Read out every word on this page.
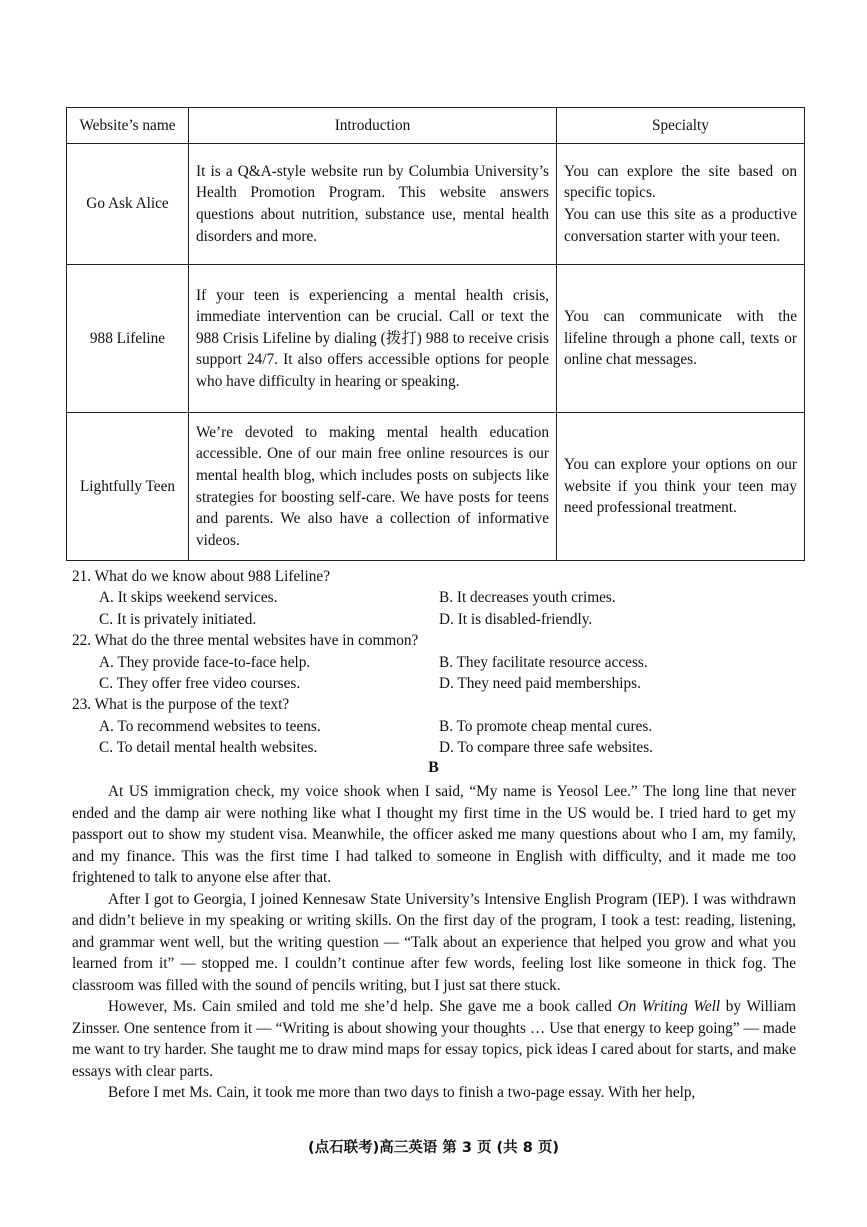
Website’s name	Introduction	Specialty
Go Ask Alice	It is a Q&A-style website run by Columbia University’s Health Promotion Program. This website answers questions about nutrition, substance use, mental health disorders and more.	You can explore the site based on specific topics.
You can use this site as a productive conversation starter with your teen.

988 Lifeline	If your teen is experiencing a mental health crisis, immediate intervention can be crucial. Call or text the 988 Crisis Lifeline by dialing (拨打) 988 to receive crisis support 24/7. It also offers accessible options for people who have difficulty in hearing or speaking.	You can communicate with the lifeline through a phone call, texts or online chat messages.

Lightfully Teen	We’re devoted to making mental health education accessible. One of our main free online resources is our mental health blog, which includes posts on subjects like strategies for boosting self-care. We have posts for teens and parents. We also have a collection of informative videos.	You can explore your options on our website if you think your teen may need professional treatment.
21. What do we know about 988 Lifeline?
A. It skips weekend services.	B. It decreases youth crimes.
C. It is privately initiated.	D. It is disabled-friendly.
22. What do the three mental websites have in common?
A. They provide face-to-face help.	B. They facilitate resource access.
C. They offer free video courses.	D. They need paid memberships.
23. What is the purpose of the text?
A. To recommend websites to teens.	B. To promote cheap mental cures.
C. To detail mental health websites.	D. To compare three safe websites.
B

At US immigration check, my voice shook when I said, “My name is Yeosol Lee.” The long line that never ended and the damp air were nothing like what I thought my first time in the US would be. I tried hard to get my passport out to show my student visa. Meanwhile, the officer asked me many questions about who I am, my family, and my finance. This was the first time I had talked to someone in English with difficulty, and it made me too frightened to talk to anyone else after that.

After I got to Georgia, I joined Kennesaw State University’s Intensive English Program (IEP). I was withdrawn and didn’t believe in my speaking or writing skills. On the first day of the program, I took a test: reading, listening, and grammar went well, but the writing question — “Talk about an experience that helped you grow and what you learned from it” — stopped me. I couldn’t continue after few words, feeling lost like someone in thick fog. The classroom was filled with the sound of pencils writing, but I just sat there stuck.

However, Ms. Cain smiled and told me she’d help. She gave me a book called On Writing Well by William Zinsser. One sentence from it — “Writing is about showing your thoughts … Use that energy to keep going” — made me want to try harder. She taught me to draw mind maps for essay topics, pick ideas I cared about for starts, and make essays with clear parts.

Before I met Ms. Cain, it took me more than two days to finish a two-page essay. With her help,

(点石联考)高三英语 第 3 页 (共 8 页)
